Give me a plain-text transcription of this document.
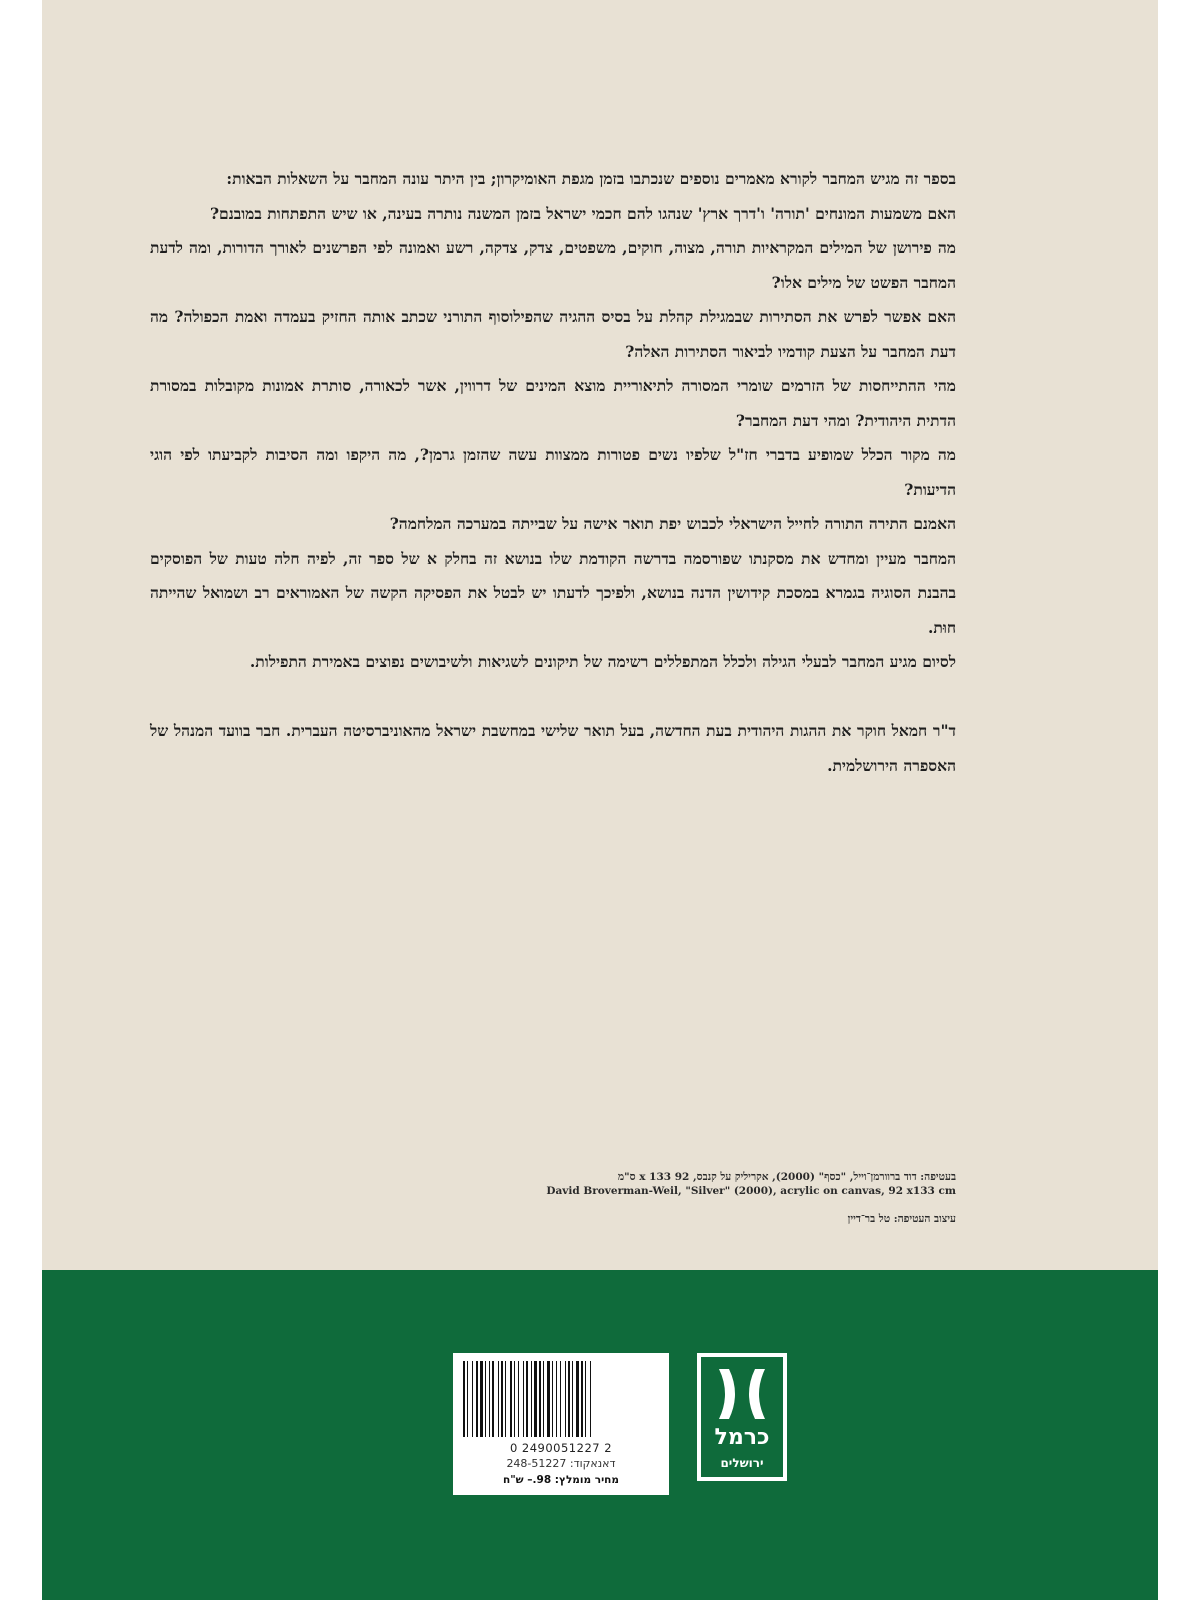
בספר זה מגיש המחבר לקורא מאמרים נוספים שנכתבו בזמן מגפת האומיקרון; בין היתר עונה המחבר על השאלות הבאות:

האם משמעות המונחים 'תורה' ו'דרך ארץ' שנהגו להם חכמי ישראל בזמן המשנה נותרה בעינה, או שיש התפתחות במובנם?

מה פירושן של המילים המקראיות תורה, מצוה, חוקים, משפטים, צדק, צדקה, רשע ואמונה לפי הפרשנים לאורך הדורות, ומה לדעת המחבר הפשט של מילים אלו?

האם אפשר לפרש את הסתירות שבמגילת קהלת על בסיס ההגיה שהפילוסוף התורני שכתב אותה החזיק בעמדה ואמת הכפולה? מה דעת המחבר על הצעת קודמיו לביאור הסתירות האלה?

מהי ההתייחסות של הזרמים שומרי המסורה לתיאוריית מוצא המינים של דרווין, אשר לכאורה, סותרת אמונות מקובלות במסורת הדתית היהודית? ומהי דעת המחבר?

מה מקור הכלל שמופיע בדברי חז"ל שלפיו נשים פטורות ממצוות עשה שהזמן גרמן?, מה היקפו ומה הסיבות לקביעתו לפי הוגי הדיעות?

האמנם התירה התורה לחייל הישראלי לכבוש יפת תואר אישה על שבייתה במערכה המלחמה?

המחבר מעיין ומחדש את מסקנתו שפורסמה בדרשה הקודמת שלו בנושא זה בחלק א של ספר זה, לפיה חלה טעות של הפוסקים בהבנת הסוגיה בגמרא במסכת קידושין הדנה בנושא, ולפיכך לדעתו יש לבטל את הפסיקה הקשה של האמוראים רב ושמואל שהייתה חוּת.

לסיום מגיע המחבר לבעלי הגילה ולכלל המתפללים רשימה של תיקונים לשגיאות ולשיבושים נפוצים באמירת התפילות.

ד"ר חמאל חוקר את ההגות היהודית בעת החדשה, בעל תואר שלישי במחשבת ישראל מהאוניברסיטה העברית. חבר בוועד המנהל של האספרה הירושלמית.

בעטיפה: דוד ברוורמן־וייל, "כסף" (2000), אקריליק על קנבס, 92 x 133 ס"מ
David Broverman-Weil, "Silver" (2000), acrylic on canvas, 92 x133 cm
עיצוב העטיפה: טל בר־דיין
0 2490051227 2
דאנאקוד: 248-51227
מחיר מומלץ: 98.– ש"ח
כרמל
ירושלים
